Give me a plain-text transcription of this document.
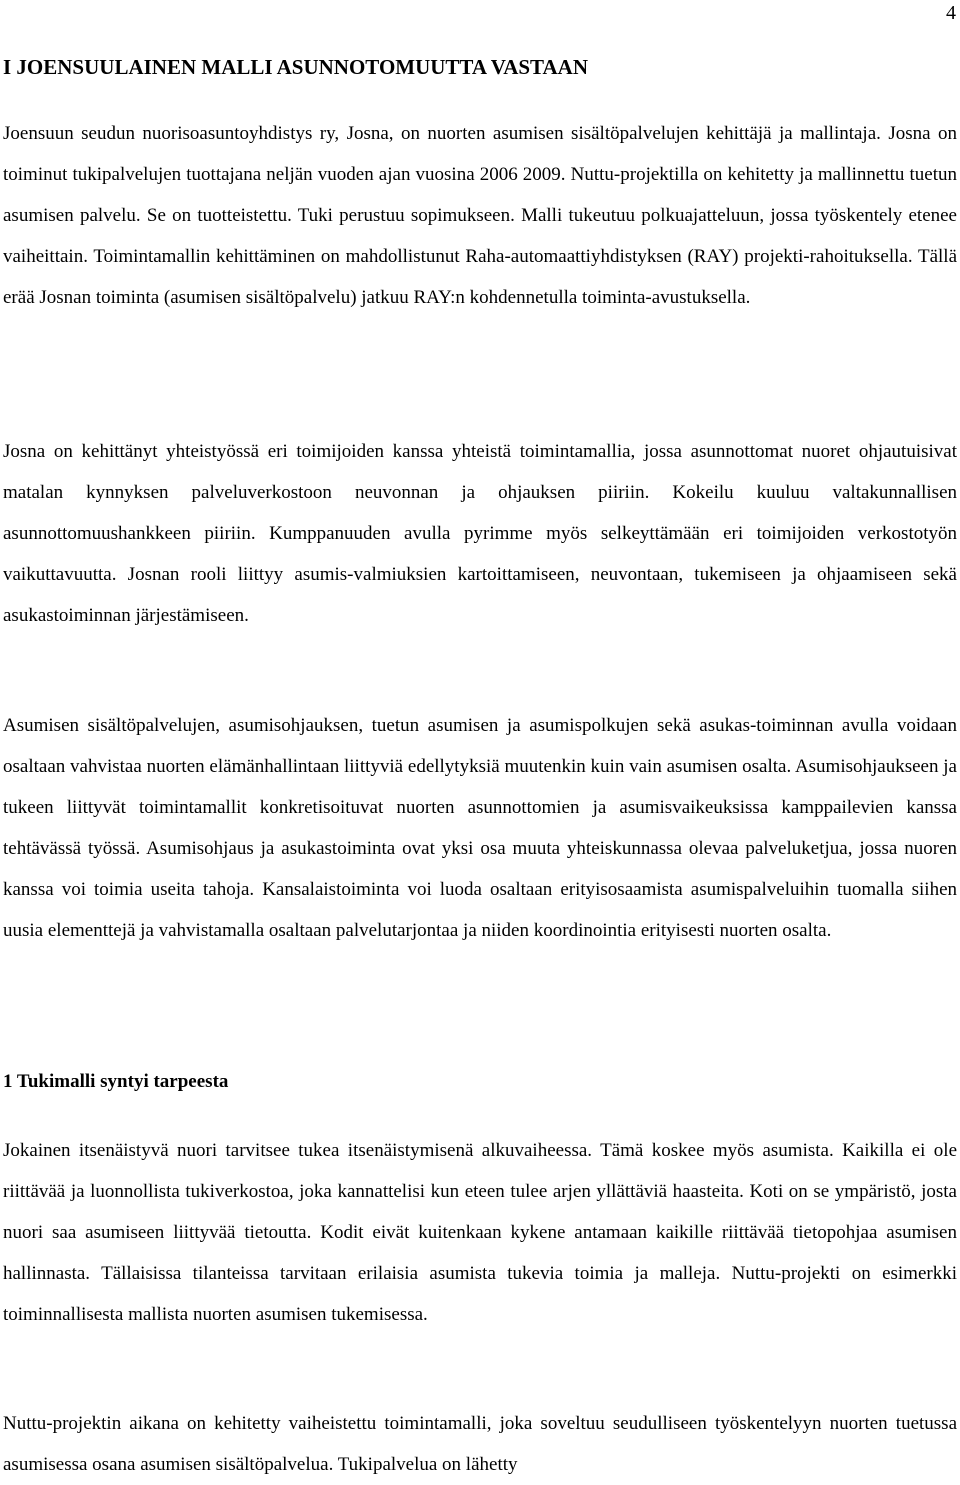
4
I JOENSUULAINEN MALLI ASUNNOTOMUUTTA VASTAAN

Joensuun seudun nuorisoasuntoyhdistys ry, Josna, on nuorten asumisen sisältöpalvelujen kehittäjä ja mallintaja. Josna on toiminut tukipalvelujen tuottajana neljän vuoden ajan vuosina 2006 2009. Nuttu-projektilla on kehitetty ja mallinnettu tuetun asumisen palvelu. Se on tuotteistettu. Tuki perustuu sopimukseen. Malli tukeutuu polkuajatteluun, jossa työskentely etenee vaiheittain. Toimintamallin kehittäminen on mahdollistunut Raha-automaattiyhdistyksen (RAY) projekti-rahoituksella. Tällä erää Josnan toiminta (asumisen sisältöpalvelu) jatkuu RAY:n kohdennetulla toiminta-avustuksella.

Josna on kehittänyt yhteistyössä eri toimijoiden kanssa yhteistä toimintamallia, jossa asunnottomat nuoret ohjautuisivat matalan kynnyksen palveluverkostoon neuvonnan ja ohjauksen piiriin. Kokeilu kuuluu valtakunnallisen asunnottomuushankkeen piiriin. Kumppanuuden avulla pyrimme myös selkeyttämään eri toimijoiden verkostotyön vaikuttavuutta. Josnan rooli liittyy asumis-valmiuksien kartoittamiseen, neuvontaan, tukemiseen ja ohjaamiseen sekä asukastoiminnan järjestämiseen.

Asumisen sisältöpalvelujen, asumisohjauksen, tuetun asumisen ja asumispolkujen sekä asukas-toiminnan avulla voidaan osaltaan vahvistaa nuorten elämänhallintaan liittyviä edellytyksiä muutenkin kuin vain asumisen osalta. Asumisohjaukseen ja tukeen liittyvät toimintamallit konkretisoituvat nuorten asunnottomien ja asumisvaikeuksissa kamppailevien kanssa tehtävässä työssä. Asumisohjaus ja asukastoiminta ovat yksi osa muuta yhteiskunnassa olevaa palveluketjua, jossa nuoren kanssa voi toimia useita tahoja. Kansalaistoiminta voi luoda osaltaan erityisosaamista asumispalveluihin tuomalla siihen uusia elementtejä ja vahvistamalla osaltaan palvelutarjontaa ja niiden koordinointia erityisesti nuorten osalta.

1 Tukimalli syntyi tarpeesta

Jokainen itsenäistyvä nuori tarvitsee tukea itsenäistymisenä alkuvaiheessa. Tämä koskee myös asumista. Kaikilla ei ole riittävää ja luonnollista tukiverkostoa, joka kannattelisi kun eteen tulee arjen yllättäviä haasteita. Koti on se ympäristö, josta nuori saa asumiseen liittyvää tietoutta. Kodit eivät kuitenkaan kykene antamaan kaikille riittävää tietopohjaa asumisen hallinnasta. Tällaisissa tilanteissa tarvitaan erilaisia asumista tukevia toimia ja malleja. Nuttu-projekti on esimerkki toiminnallisesta mallista nuorten asumisen tukemisessa.

Nuttu-projektin aikana on kehitetty vaiheistettu toimintamalli, joka soveltuu seudulliseen työskentelyyn nuorten tuetussa asumisessa osana asumisen sisältöpalvelua. Tukipalvelua on lähetty
